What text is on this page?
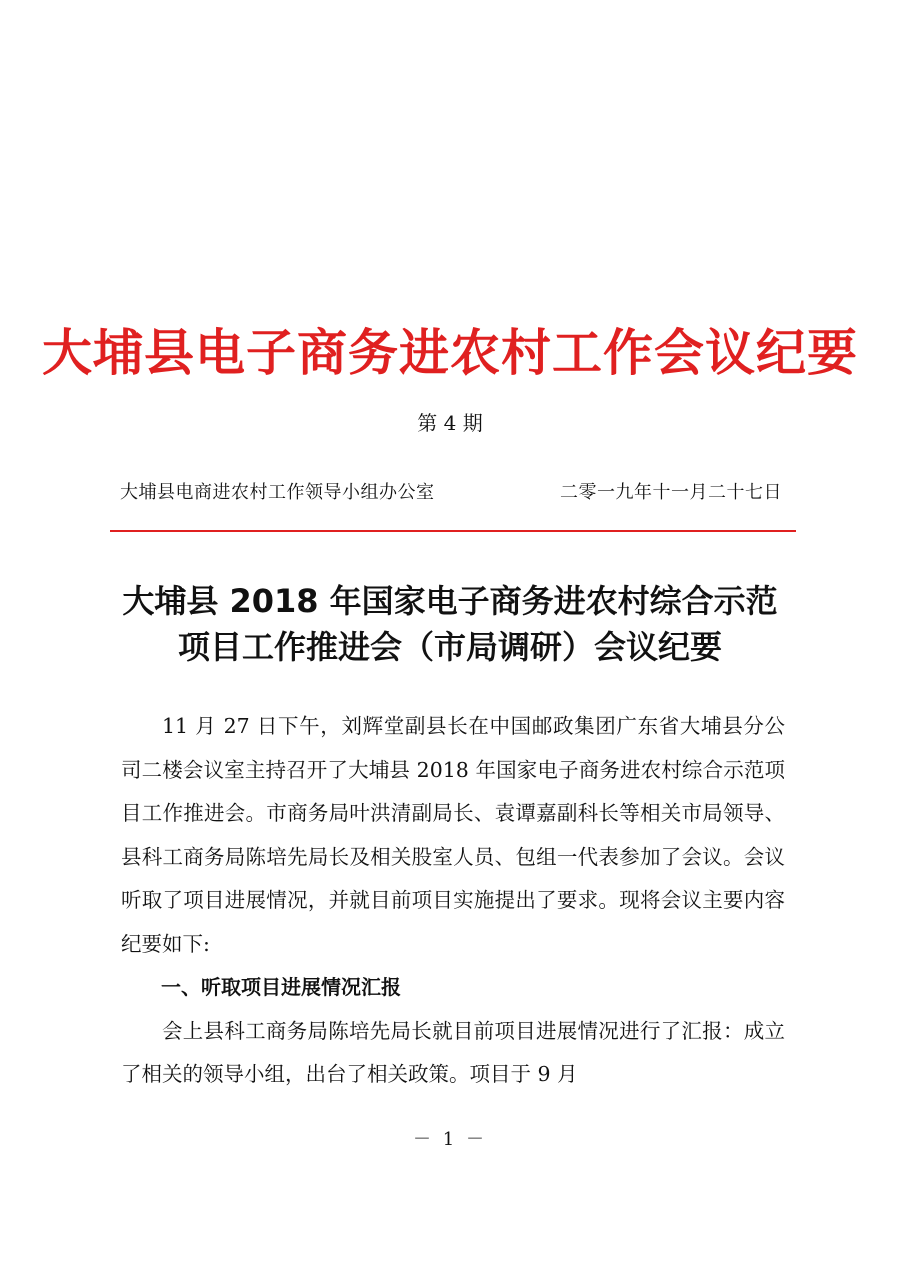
大埔县电子商务进农村工作会议纪要
第 4 期
大埔县电商进农村工作领导小组办公室	二零一九年十一月二十七日
大埔县 2018 年国家电子商务进农村综合示范
项目工作推进会（市局调研）会议纪要

11 月 27 日下午，刘辉堂副县长在中国邮政集团广东省大埔县分公司二楼会议室主持召开了大埔县 2018 年国家电子商务进农村综合示范项目工作推进会。市商务局叶洪清副局长、袁谭嘉副科长等相关市局领导、县科工商务局陈培先局长及相关股室人员、包组一代表参加了会议。会议听取了项目进展情况，并就目前项目实施提出了要求。现将会议主要内容纪要如下:

一、听取项目进展情况汇报

会上县科工商务局陈培先局长就目前项目进展情况进行了汇报：成立了相关的领导小组，出台了相关政策。项目于 9 月

－ 1 －
